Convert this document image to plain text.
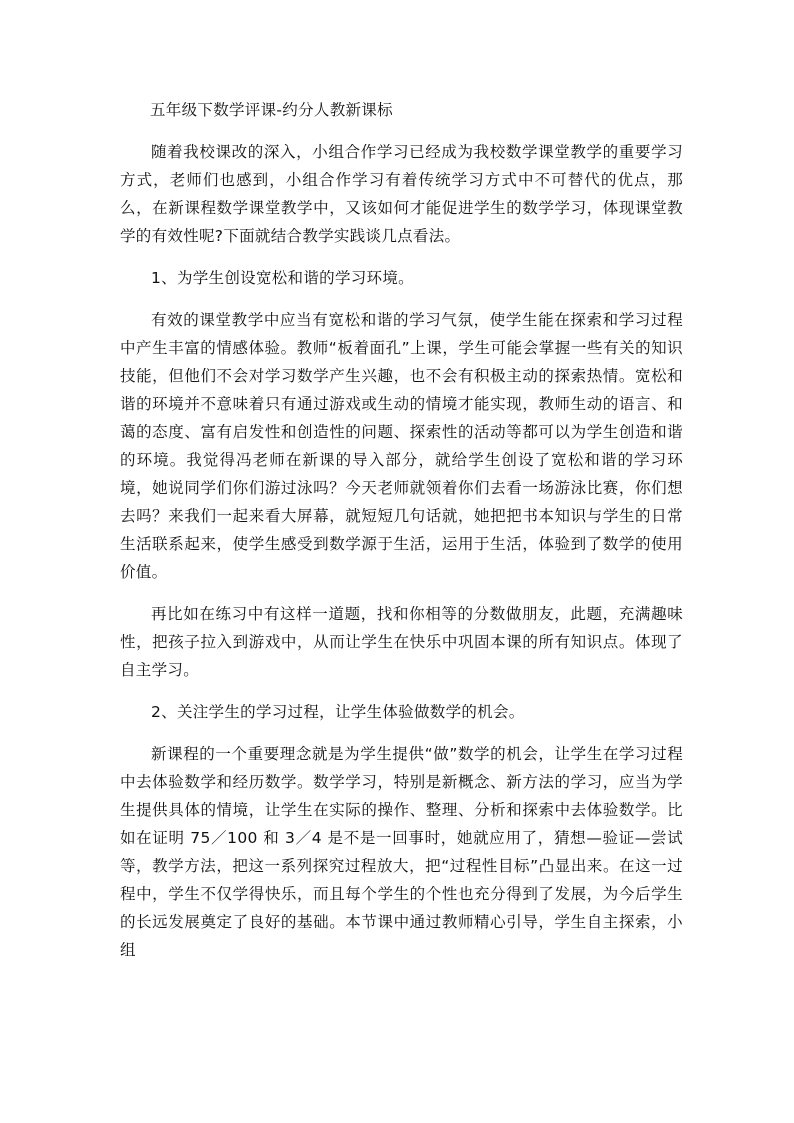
五年级下数学评课-约分人教新课标

随着我校课改的深入，小组合作学习已经成为我校数学课堂教学的重要学习方式，老师们也感到，小组合作学习有着传统学习方式中不可替代的优点，那么，在新课程数学课堂教学中，又该如何才能促进学生的数学学习，体现课堂教学的有效性呢?下面就结合教学实践谈几点看法。

1、为学生创设宽松和谐的学习环境。

有效的课堂教学中应当有宽松和谐的学习气氛，使学生能在探索和学习过程中产生丰富的情感体验。教师“板着面孔”上课，学生可能会掌握一些有关的知识技能，但他们不会对学习数学产生兴趣，也不会有积极主动的探索热情。宽松和谐的环境并不意味着只有通过游戏或生动的情境才能实现，教师生动的语言、和蔼的态度、富有启发性和创造性的问题、探索性的活动等都可以为学生创造和谐的环境。我觉得冯老师在新课的导入部分，就给学生创设了宽松和谐的学习环境，她说同学们你们游过泳吗？今天老师就领着你们去看一场游泳比赛，你们想去吗？来我们一起来看大屏幕，就短短几句话就，她把把书本知识与学生的日常生活联系起来，使学生感受到数学源于生活，运用于生活，体验到了数学的使用价值。

再比如在练习中有这样一道题，找和你相等的分数做朋友，此题，充满趣味性，把孩子拉入到游戏中，从而让学生在快乐中巩固本课的所有知识点。体现了自主学习。

2、关注学生的学习过程，让学生体验做数学的机会。

新课程的一个重要理念就是为学生提供“做”数学的机会，让学生在学习过程中去体验数学和经历数学。数学学习，特别是新概念、新方法的学习，应当为学生提供具体的情境，让学生在实际的操作、整理、分析和探索中去体验数学。比如在证明 75／100 和 3／4 是不是一回事时，她就应用了，猜想—验证—尝试等，教学方法，把这一系列探究过程放大，把“过程性目标”凸显出来。在这一过程中，学生不仅学得快乐，而且每个学生的个性也充分得到了发展，为今后学生的长远发展奠定了良好的基础。本节课中通过教师精心引导，学生自主探索，小组
